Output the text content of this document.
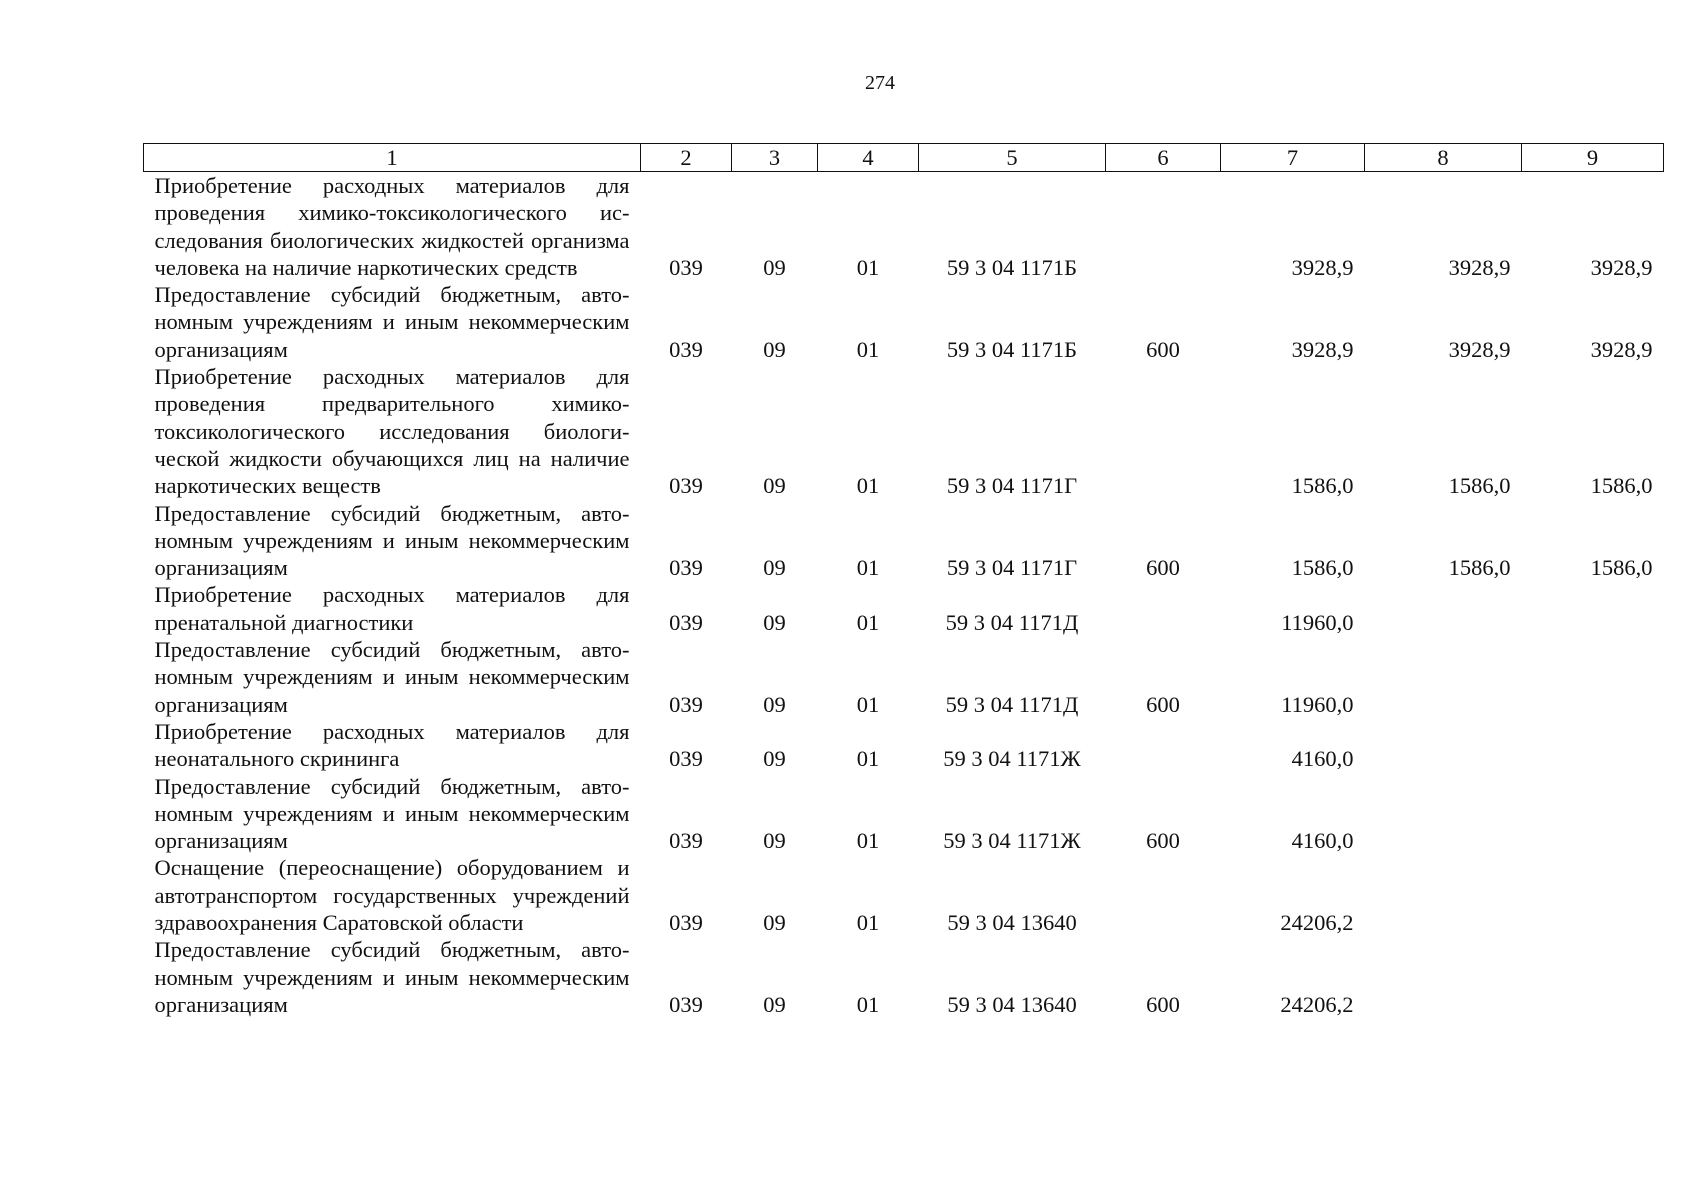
274
1	2	3	4	5	6	7	8	9
Приобретение расходных материалов для проведения химико-токсикологического исследования биологических жидкостей организма человека на наличие наркотических средств	039	09	01	59 3 04 1171Б		3928,9	3928,9	3928,9
Предоставление субсидий бюджетным, автономным учреждениям и иным некоммерческим организациям	039	09	01	59 3 04 1171Б	600	3928,9	3928,9	3928,9
Приобретение расходных материалов для проведения предварительного химико-токсикологического исследования биологической жидкости обучающихся лиц на наличие наркотических веществ	039	09	01	59 3 04 1171Г		1586,0	1586,0	1586,0
Предоставление субсидий бюджетным, автономным учреждениям и иным некоммерческим организациям	039	09	01	59 3 04 1171Г	600	1586,0	1586,0	1586,0
Приобретение расходных материалов для пренатальной диагностики	039	09	01	59 3 04 1171Д		11960,0		
Предоставление субсидий бюджетным, автономным учреждениям и иным некоммерческим организациям	039	09	01	59 3 04 1171Д	600	11960,0		
Приобретение расходных материалов для неонатального скрининга	039	09	01	59 3 04 1171Ж		4160,0		
Предоставление субсидий бюджетным, автономным учреждениям и иным некоммерческим организациям	039	09	01	59 3 04 1171Ж	600	4160,0		
Оснащение (переоснащение) оборудованием и автотранспортом государственных учреждений здравоохранения Саратовской области	039	09	01	59 3 04 13640		24206,2		
Предоставление субсидий бюджетным, автономным учреждениям и иным некоммерческим организациям	039	09	01	59 3 04 13640	600	24206,2		
